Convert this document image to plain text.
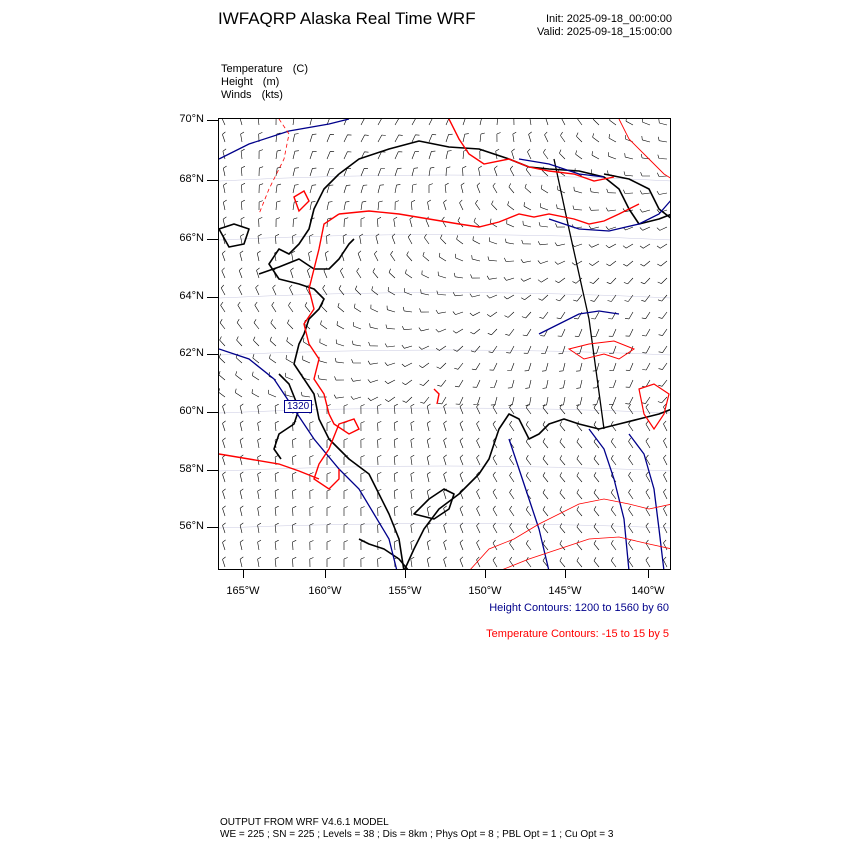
IWFAQRP Alaska Real Time WRF	Init: 2025-09-18_00:00:00
Valid: 2025-09-18_15:00:00
Temperature (C)
Height (m)
Winds (kts)
70°N
68°N
66°N
64°N
62°N
60°N
58°N
56°N
165°W	160°W	155°W	150°W	145°W	140°W
1320
Height Contours: 1200 to 1560 by 60
Temperature Contours: -15 to 15 by 5
OUTPUT FROM WRF V4.6.1 MODEL
WE = 225 ; SN = 225 ; Levels = 38 ; Dis = 8km ; Phys Opt = 8 ; PBL Opt = 1 ; Cu Opt = 3
